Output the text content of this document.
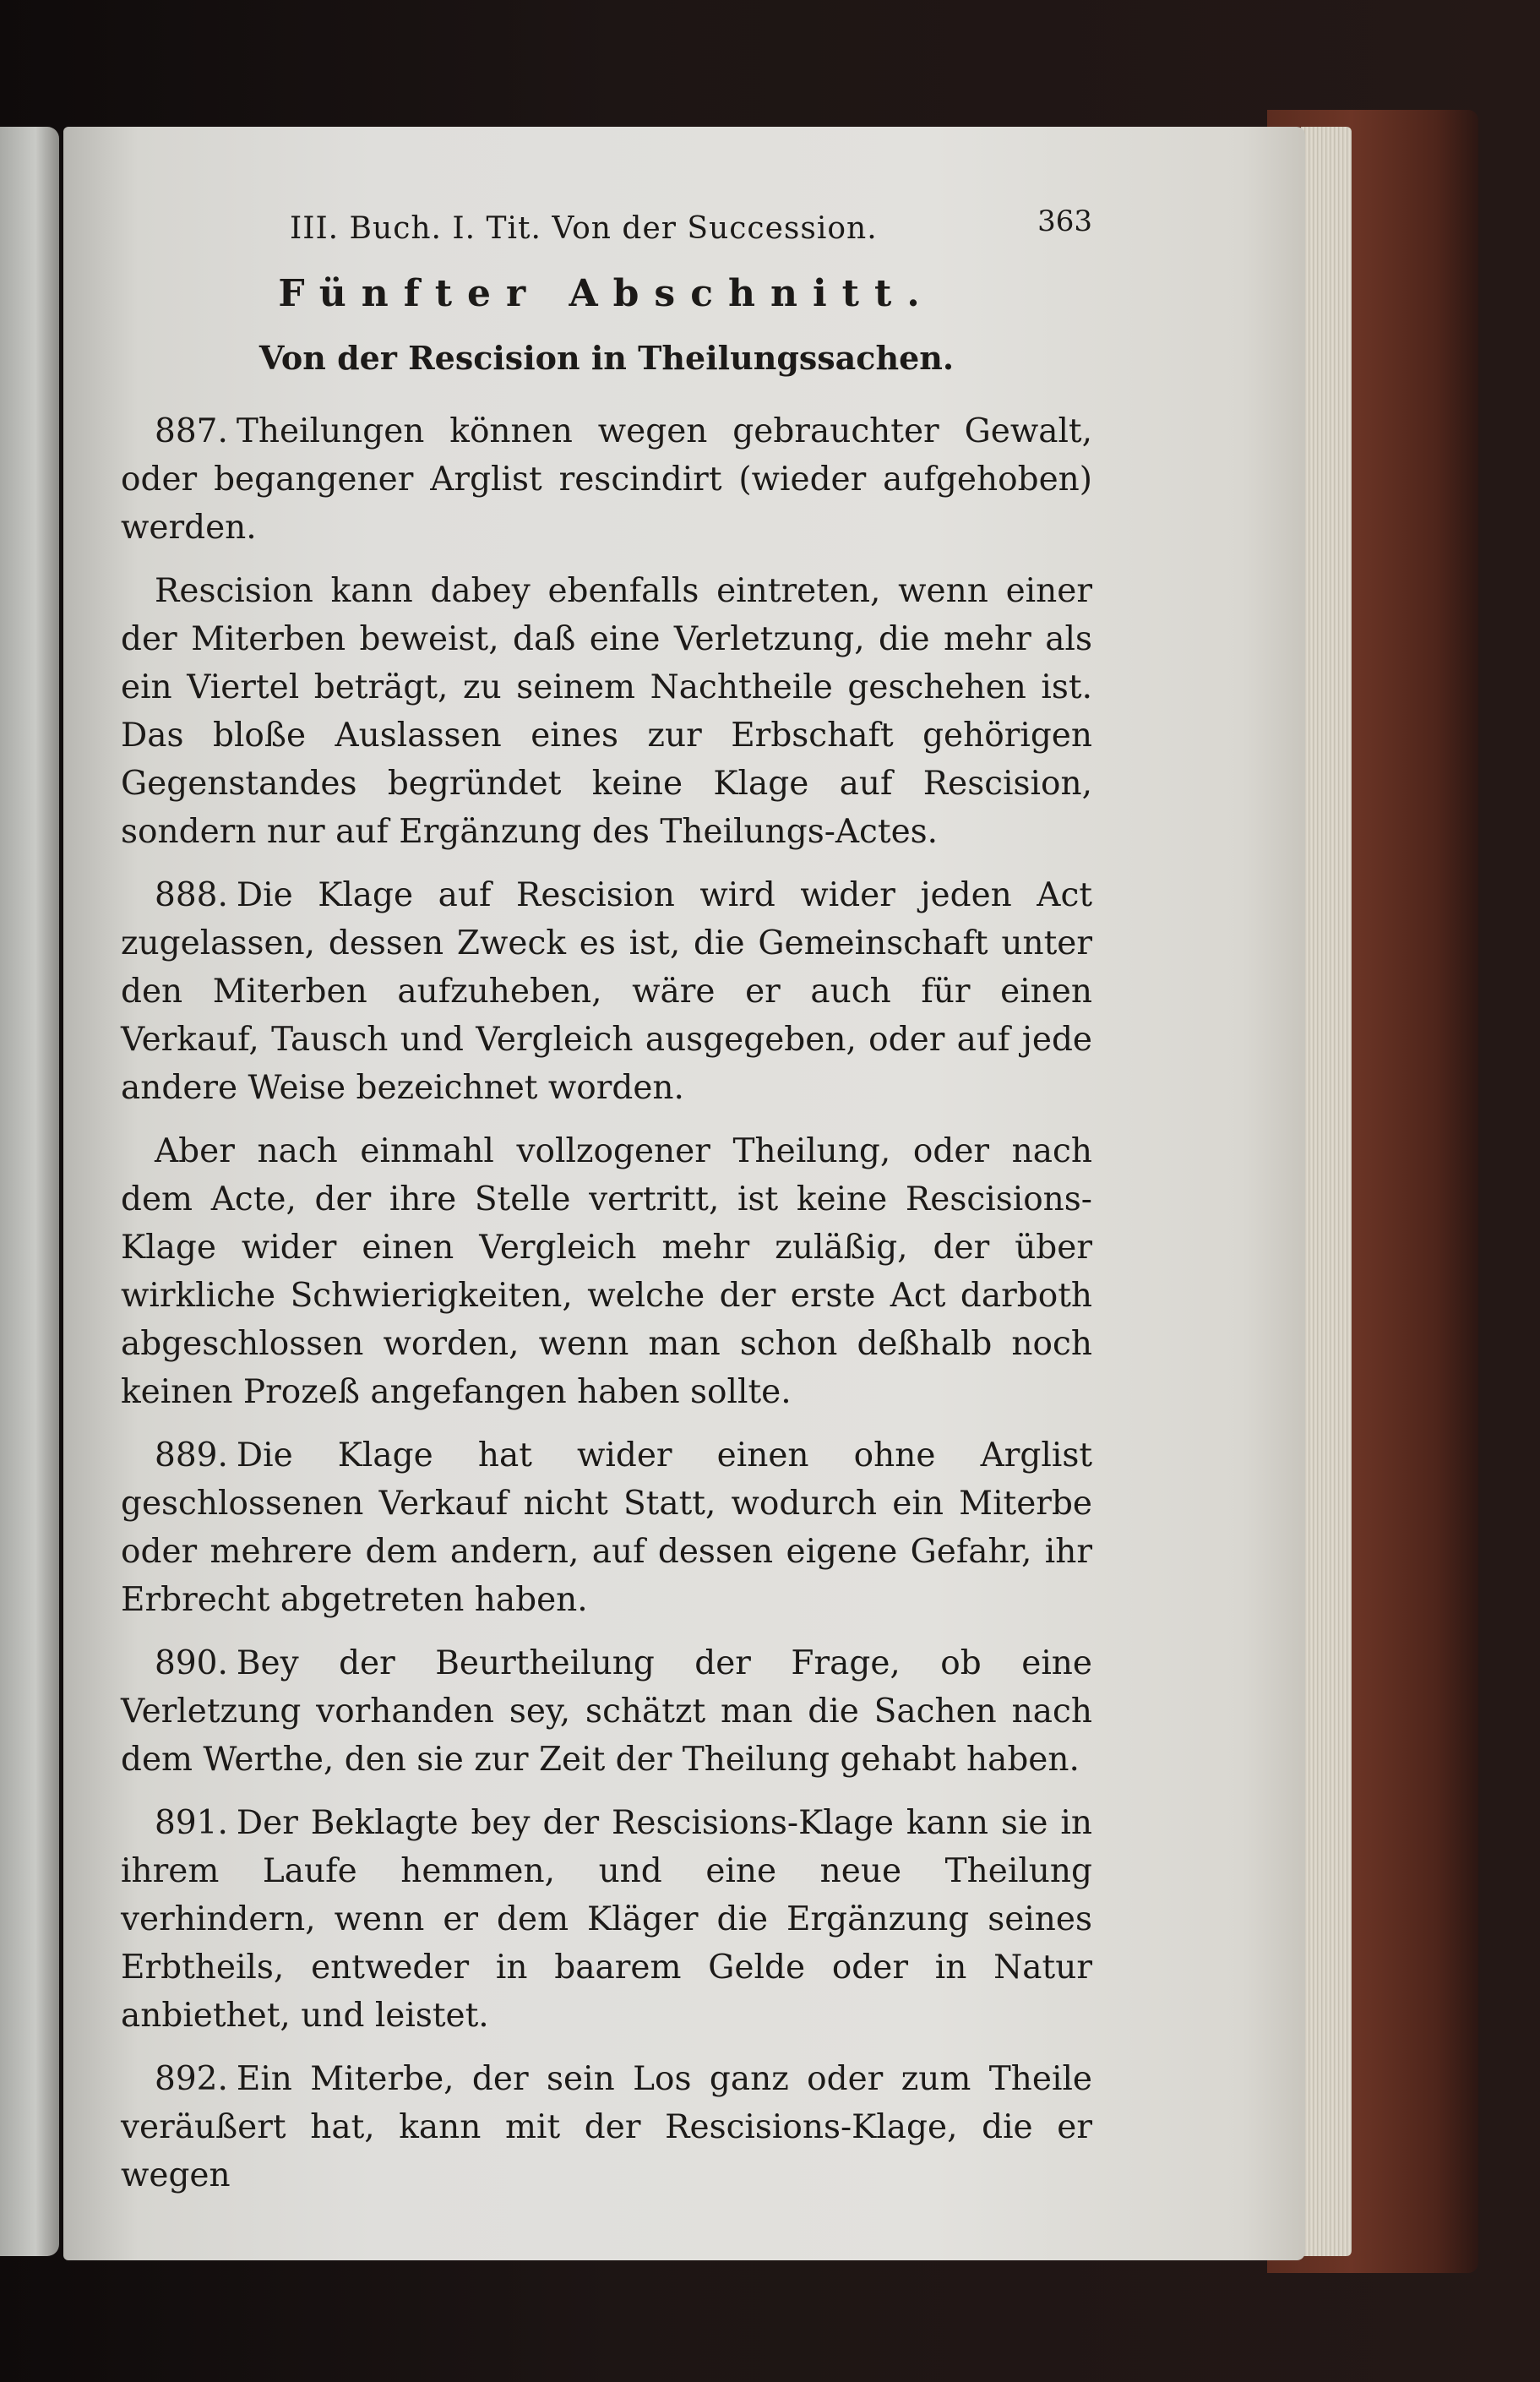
III. Buch. I. Tit. Von der Succession.	363
Fünfter Abschnitt.
Von der Rescision in Theilungssachen.

887. Theilungen können wegen gebrauchter Gewalt, oder begangener Arglist rescindirt (wieder aufgehoben) werden.

Rescision kann dabey ebenfalls eintreten, wenn einer der Miterben beweist, daß eine Verletzung, die mehr als ein Viertel beträgt, zu seinem Nachtheile geschehen ist. Das bloße Auslassen eines zur Erbschaft gehörigen Gegenstandes begründet keine Klage auf Rescision, sondern nur auf Ergänzung des Theilungs-Actes.

888. Die Klage auf Rescision wird wider jeden Act zugelassen, dessen Zweck es ist, die Gemeinschaft unter den Miterben aufzuheben, wäre er auch für einen Verkauf, Tausch und Vergleich ausgegeben, oder auf jede andere Weise bezeichnet worden.

Aber nach einmahl vollzogener Theilung, oder nach dem Acte, der ihre Stelle vertritt, ist keine Rescisions-Klage wider einen Vergleich mehr zuläßig, der über wirkliche Schwierigkeiten, welche der erste Act darboth abgeschlossen worden, wenn man schon deßhalb noch keinen Prozeß angefangen haben sollte.

889. Die Klage hat wider einen ohne Arglist geschlossenen Verkauf nicht Statt, wodurch ein Miterbe oder mehrere dem andern, auf dessen eigene Gefahr, ihr Erbrecht abgetreten haben.

890. Bey der Beurtheilung der Frage, ob eine Verletzung vorhanden sey, schätzt man die Sachen nach dem Werthe, den sie zur Zeit der Theilung gehabt haben.

891. Der Beklagte bey der Rescisions-Klage kann sie in ihrem Laufe hemmen, und eine neue Theilung verhindern, wenn er dem Kläger die Ergänzung seines Erbtheils, entweder in baarem Gelde oder in Natur anbiethet, und leistet.

892. Ein Miterbe, der sein Los ganz oder zum Theile veräußert hat, kann mit der Rescisions-Klage, die er wegen
